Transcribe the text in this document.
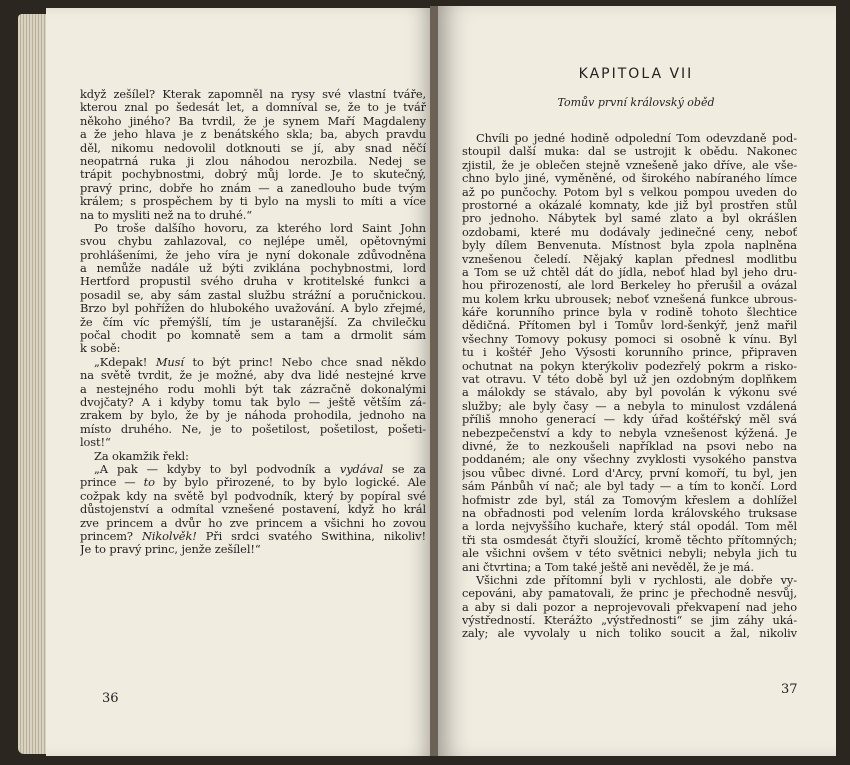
když zešílel? Kterak zapomněl na rysy své vlastní tváře,
kterou znal po šedesát let, a domníval se, že to je tvář
někoho jiného? Ba tvrdil, že je synem Maří Magdaleny
a že jeho hlava je z benátského skla; ba, abych pravdu
děl, nikomu nedovolil dotknouti se jí, aby snad něčí
neopatrná ruka ji zlou náhodou nerozbila. Nedej se
trápit pochybnostmi, dobrý můj lorde. Je to skutečný,
pravý princ, dobře ho znám — a zanedlouho bude tvým
králem; s prospěchem by ti bylo na mysli to míti a více
na to mysliti než na to druhé.“
Po troše dalšího hovoru, za kterého lord Saint John
svou chybu zahlazoval, co nejlépe uměl, opětovnými
prohlášeními, že jeho víra je nyní dokonale zdůvodněna
a nemůže nadále už býti zviklána pochybnostmi, lord
Hertford propustil svého druha v krotitelské funkci a
posadil se, aby sám zastal službu strážní a poručnickou.
Brzo byl pohřížen do hlubokého uvažování. A bylo zřejmé,
že čím víc přemýšlí, tím je ustaranější. Za chvilečku
počal chodit po komnatě sem a tam a drmolit sám
k sobě:
„Kdepak! Musí to být princ! Nebo chce snad někdo
na světě tvrdit, že je možné, aby dva lidé nestejné krve
a nestejného rodu mohli být tak zázračně dokonalými
dvojčaty? A i kdyby tomu tak bylo — ještě větším zá-
zrakem by bylo, že by je náhoda prohodila, jednoho na
místo druhého. Ne, je to pošetilost, pošetilost, pošeti-
lost!“
Za okamžik řekl:
„A pak — kdyby to byl podvodník a vydával se za
prince — to by bylo přirozené, to by bylo logické. Ale
cožpak kdy na světě byl podvodník, který by popíral své
důstojenství a odmítal vznešené postavení, když ho král
zve princem a dvůr ho zve princem a všichni ho zovou
princem? Nikolvěk! Při srdci svatého Swithina, nikoliv!
Je to pravý princ, jenže zešílel!“
36
KAPITOLA VII
Tomův první královský oběd
Chvíli po jedné hodině odpolední Tom odevzdaně pod-
stoupil další muka: dal se ustrojit k obědu. Nakonec
zjistil, že je oblečen stejně vznešeně jako dříve, ale vše-
chno bylo jiné, vyměněné, od širokého nabíraného límce
až po punčochy. Potom byl s velkou pompou uveden do
prostorné a okázalé komnaty, kde již byl prostřen stůl
pro jednoho. Nábytek byl samé zlato a byl okrášlen
ozdobami, které mu dodávaly jedinečné ceny, neboť
byly dílem Benvenuta. Místnost byla zpola naplněna
vznešenou čeledí. Nějaký kaplan přednesl modlitbu
a Tom se už chtěl dát do jídla, neboť hlad byl jeho dru-
hou přirozeností, ale lord Berkeley ho přerušil a ovázal
mu kolem krku ubrousek; neboť vznešená funkce ubrous-
káře korunního prince byla v rodině tohoto šlechtice
dědičná. Přítomen byl i Tomův lord-šenkýř, jenž mařil
všechny Tomovy pokusy pomoci si osobně k vínu. Byl
tu i koštéř Jeho Výsosti korunního prince, připraven
ochutnat na pokyn kterýkoliv podezřelý pokrm a risko-
vat otravu. V této době byl už jen ozdobným doplňkem
a málokdy se stávalo, aby byl povolán k výkonu své
služby; ale byly časy — a nebyla to minulost vzdálená
příliš mnoho generací — kdy úřad koštéřský měl svá
nebezpečenství a kdy to nebyla vznešenost kýžená. Je
divné, že to nezkoušeli například na psovi nebo na
poddaném; ale ony všechny zvyklosti vysokého panstva
jsou vůbec divné. Lord d'Arcy, první komoří, tu byl, jen
sám Pánbůh ví nač; ale byl tady — a tím to končí. Lord
hofmistr zde byl, stál za Tomovým křeslem a dohlížel
na obřadnosti pod velením lorda královského truksase
a lorda nejvyššího kuchaře, který stál opodál. Tom měl
tři sta osmdesát čtyři sloužící, kromě těchto přítomných;
ale všichni ovšem v této světnici nebyli; nebyla jich tu
ani čtvrtina; a Tom také ještě ani nevěděl, že je má.
Všichni zde přítomní byli v rychlosti, ale dobře vy-
cepováni, aby pamatovali, že princ je přechodně nesvůj,
a aby si dali pozor a neprojevovali překvapení nad jeho
výstředností. Kterážto „výstřednosti“ se jim záhy uká-
zaly; ale vyvolaly u nich toliko soucit a žal, nikoliv
37
